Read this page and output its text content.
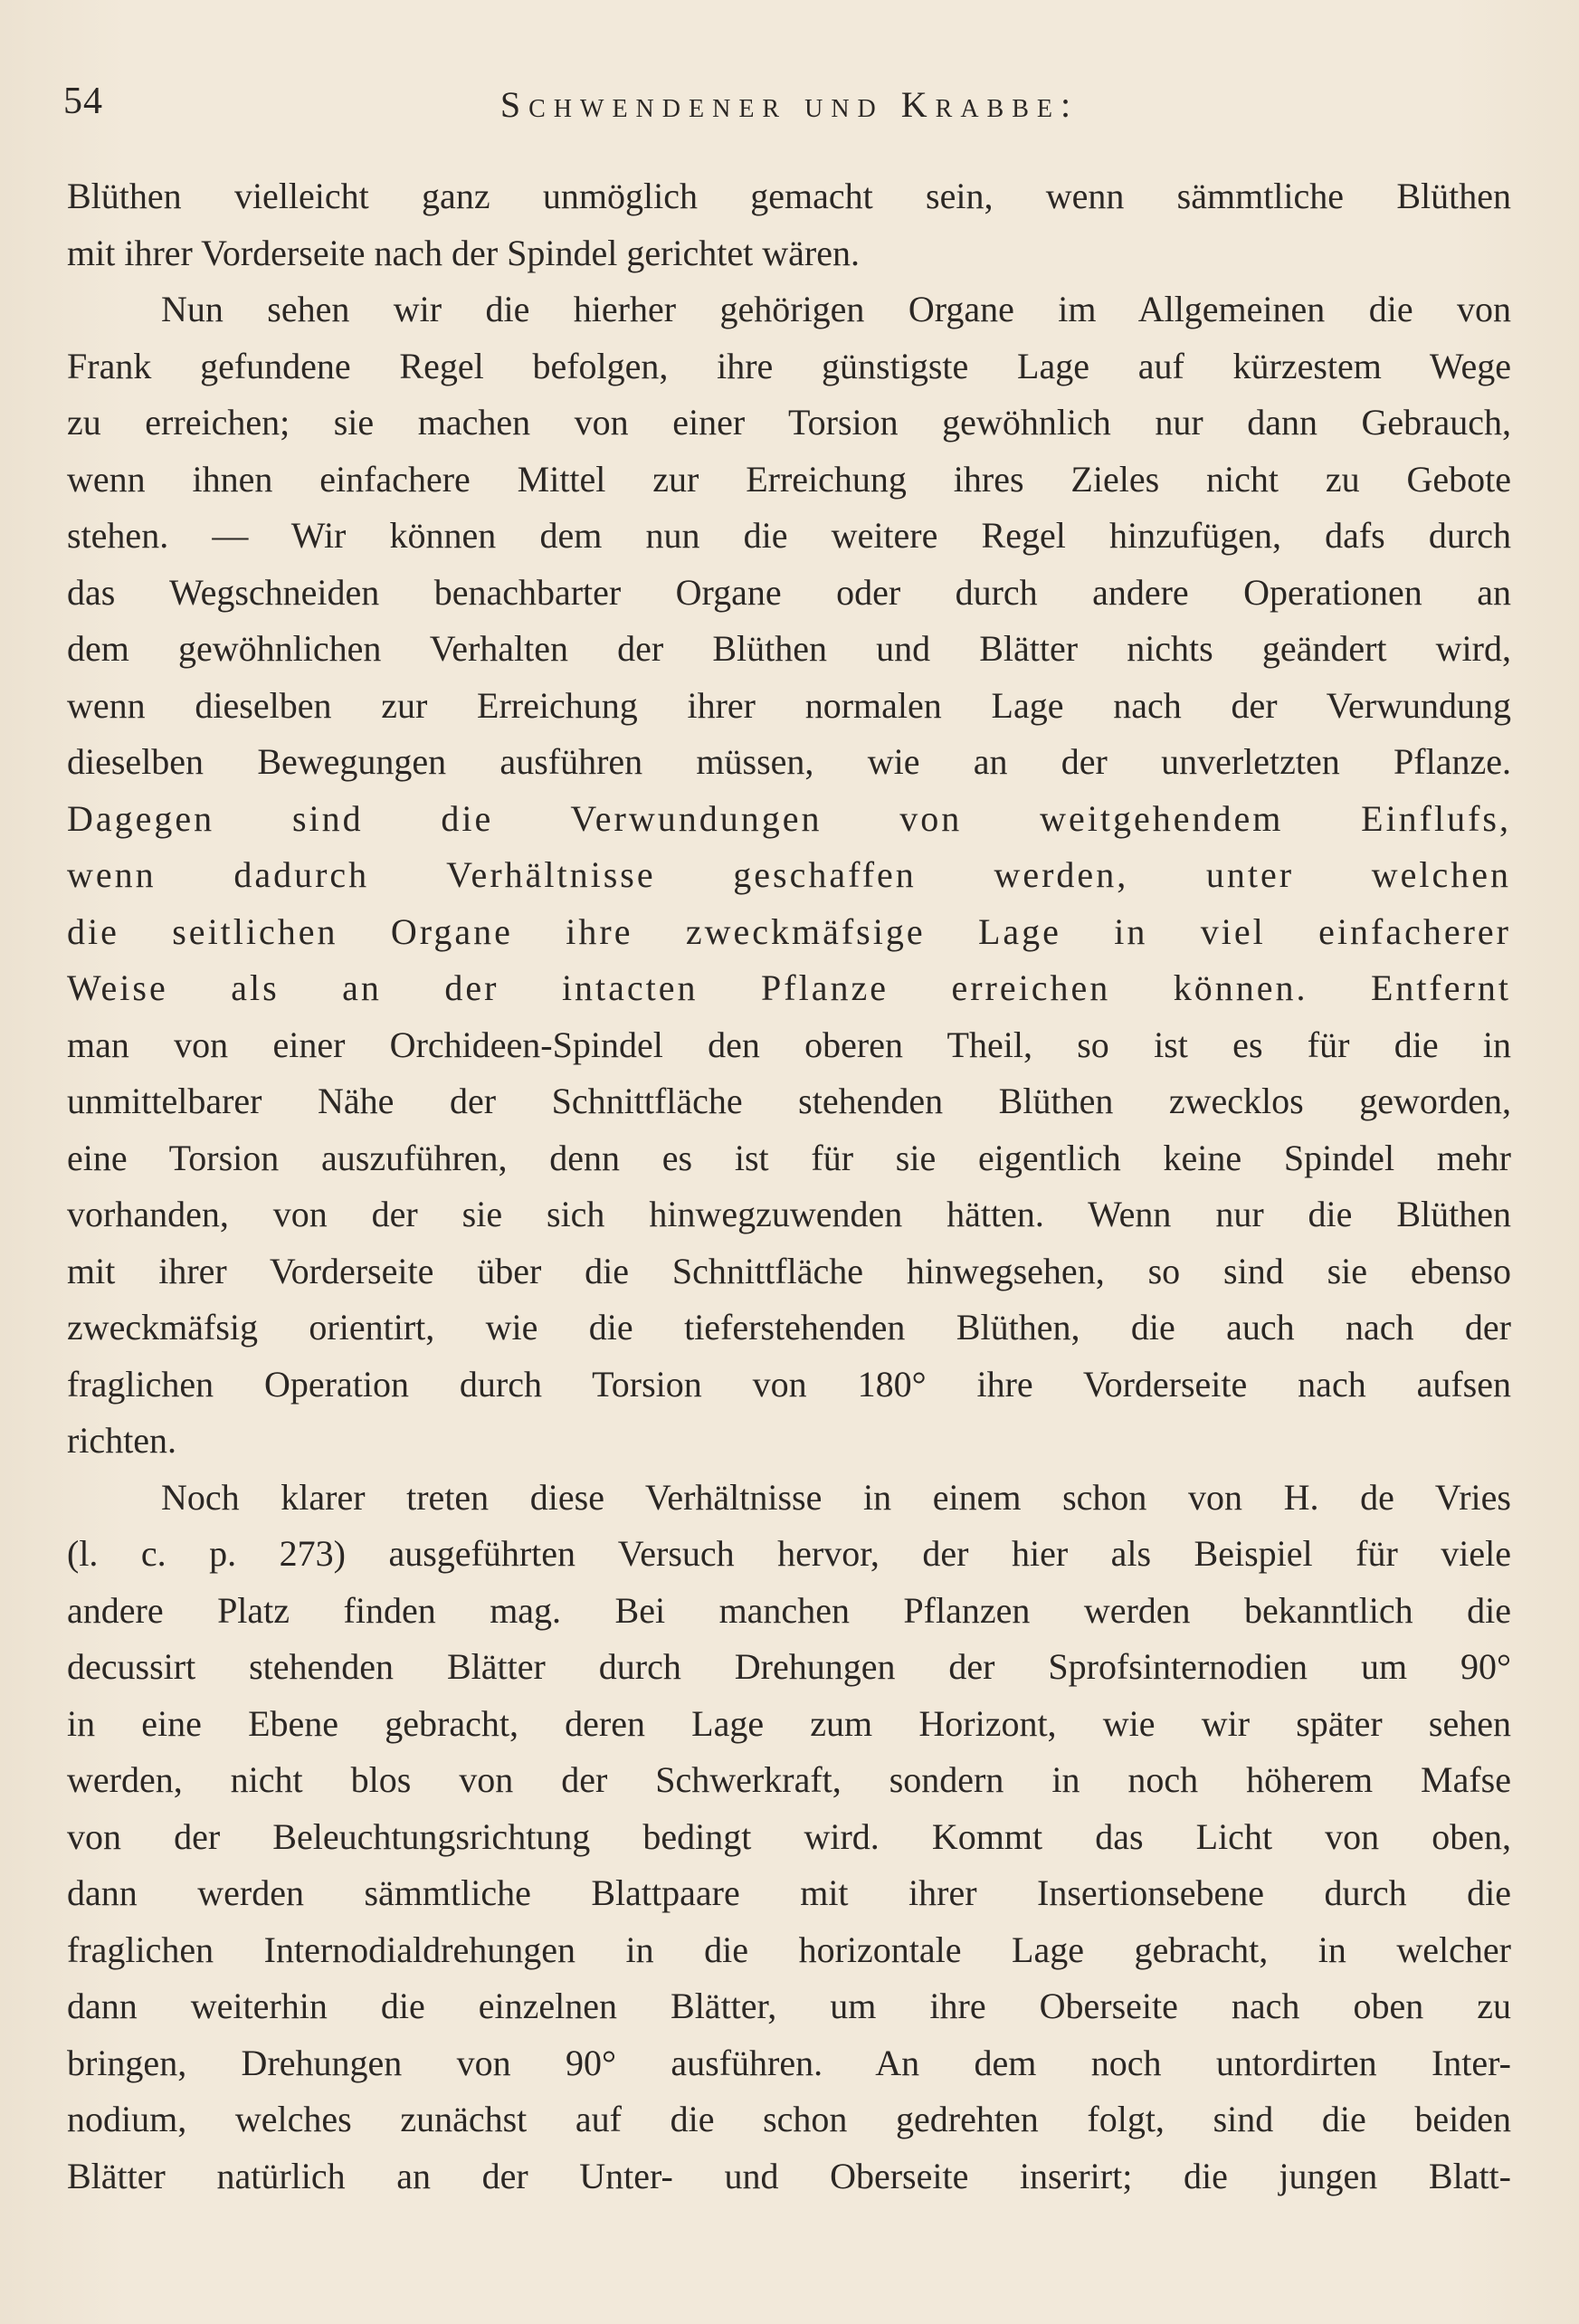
54	Schwendener und Krabbe:
Blüthen vielleicht ganz unmöglich gemacht sein, wenn sämmtliche Blüthen
mit ihrer Vorderseite nach der Spindel gerichtet wären.
Nun sehen wir die hierher gehörigen Organe im Allgemeinen die von
Frank gefundene Regel befolgen, ihre günstigste Lage auf kürzestem Wege
zu erreichen; sie machen von einer Torsion gewöhnlich nur dann Gebrauch,
wenn ihnen einfachere Mittel zur Erreichung ihres Zieles nicht zu Gebote
stehen. — Wir können dem nun die weitere Regel hinzufügen, dafs durch
das Wegschneiden benachbarter Organe oder durch andere Operationen an
dem gewöhnlichen Verhalten der Blüthen und Blätter nichts geändert wird,
wenn dieselben zur Erreichung ihrer normalen Lage nach der Verwundung
dieselben Bewegungen ausführen müssen, wie an der unverletzten Pflanze.
Dagegen sind die Verwundungen von weitgehendem Einflufs,
wenn dadurch Verhältnisse geschaffen werden, unter welchen
die seitlichen Organe ihre zweckmäfsige Lage in viel einfacherer
Weise als an der intacten Pflanze erreichen können. Entfernt
man von einer Orchideen-Spindel den oberen Theil, so ist es für die in
unmittelbarer Nähe der Schnittfläche stehenden Blüthen zwecklos geworden,
eine Torsion auszuführen, denn es ist für sie eigentlich keine Spindel mehr
vorhanden, von der sie sich hinwegzuwenden hätten. Wenn nur die Blüthen
mit ihrer Vorderseite über die Schnittfläche hinwegsehen, so sind sie ebenso
zweckmäfsig orientirt, wie die tieferstehenden Blüthen, die auch nach der
fraglichen Operation durch Torsion von 180° ihre Vorderseite nach aufsen
richten.
Noch klarer treten diese Verhältnisse in einem schon von H. de Vries
(l. c. p. 273) ausgeführten Versuch hervor, der hier als Beispiel für viele
andere Platz finden mag. Bei manchen Pflanzen werden bekanntlich die
decussirt stehenden Blätter durch Drehungen der Sprofsinternodien um 90°
in eine Ebene gebracht, deren Lage zum Horizont, wie wir später sehen
werden, nicht blos von der Schwerkraft, sondern in noch höherem Mafse
von der Beleuchtungsrichtung bedingt wird. Kommt das Licht von oben,
dann werden sämmtliche Blattpaare mit ihrer Insertionsebene durch die
fraglichen Internodialdrehungen in die horizontale Lage gebracht, in welcher
dann weiterhin die einzelnen Blätter, um ihre Oberseite nach oben zu
bringen, Drehungen von 90° ausführen. An dem noch untordirten Inter-
nodium, welches zunächst auf die schon gedrehten folgt, sind die beiden
Blätter natürlich an der Unter- und Oberseite inserirt; die jungen Blatt-
